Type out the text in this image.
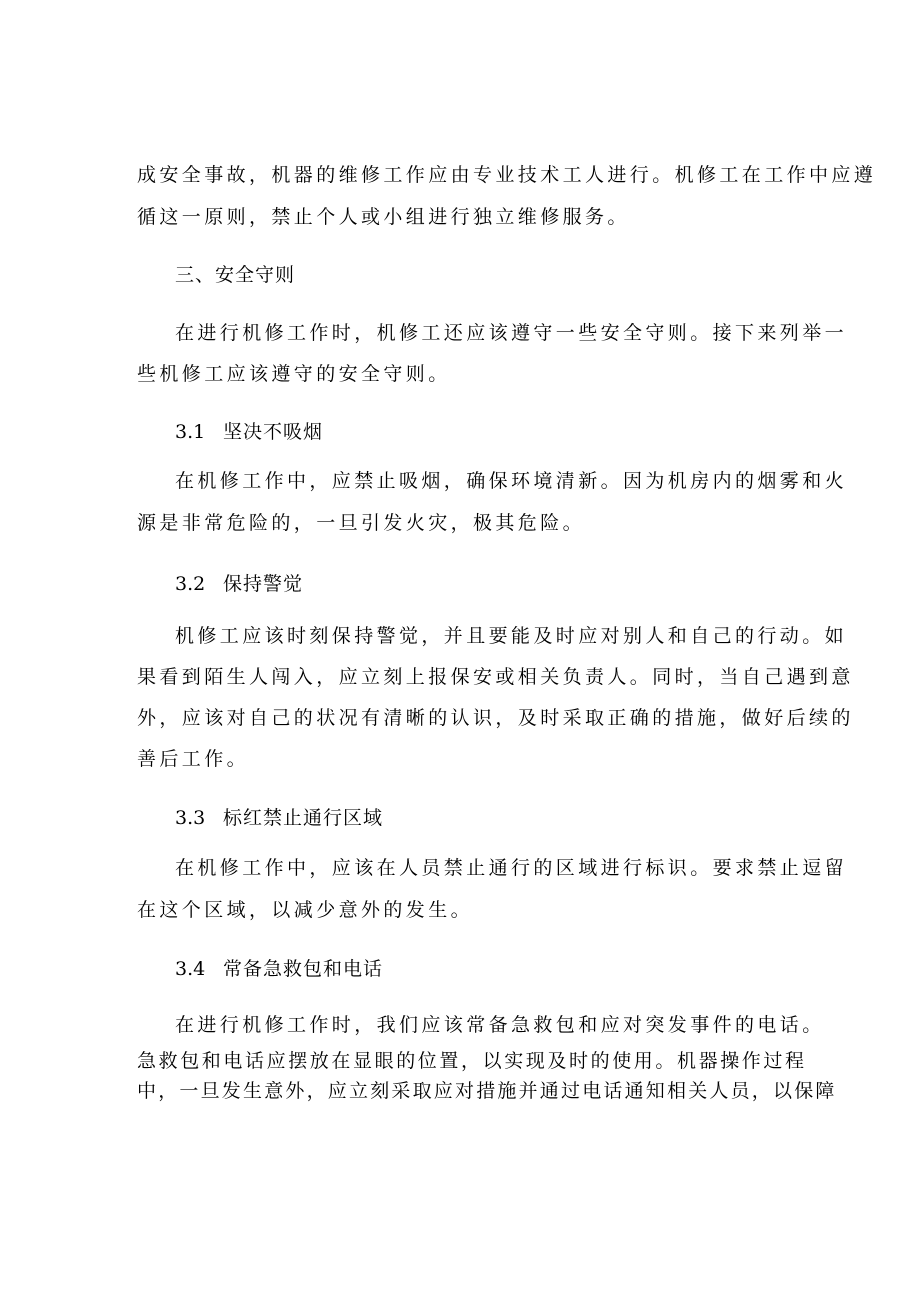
成安全事故，机器的维修工作应由专业技术工人进行。机修工在工作中应遵
循这一原则，禁止个人或小组进行独立维修服务。
三、安全守则
在进行机修工作时，机修工还应该遵守一些安全守则。接下来列举一
些机修工应该遵守的安全守则。
3.1 坚决不吸烟
在机修工作中，应禁止吸烟，确保环境清新。因为机房内的烟雾和火
源是非常危险的，一旦引发火灾，极其危险。
3.2 保持警觉
机修工应该时刻保持警觉，并且要能及时应对别人和自己的行动。如
果看到陌生人闯入，应立刻上报保安或相关负责人。同时，当自己遇到意
外，应该对自己的状况有清晰的认识，及时采取正确的措施，做好后续的
善后工作。
3.3 标红禁止通行区域
在机修工作中，应该在人员禁止通行的区域进行标识。要求禁止逗留
在这个区域，以减少意外的发生。
3.4 常备急救包和电话
在进行机修工作时，我们应该常备急救包和应对突发事件的电话。
急救包和电话应摆放在显眼的位置，以实现及时的使用。机器操作过程
中，一旦发生意外，应立刻采取应对措施并通过电话通知相关人员，以保障
